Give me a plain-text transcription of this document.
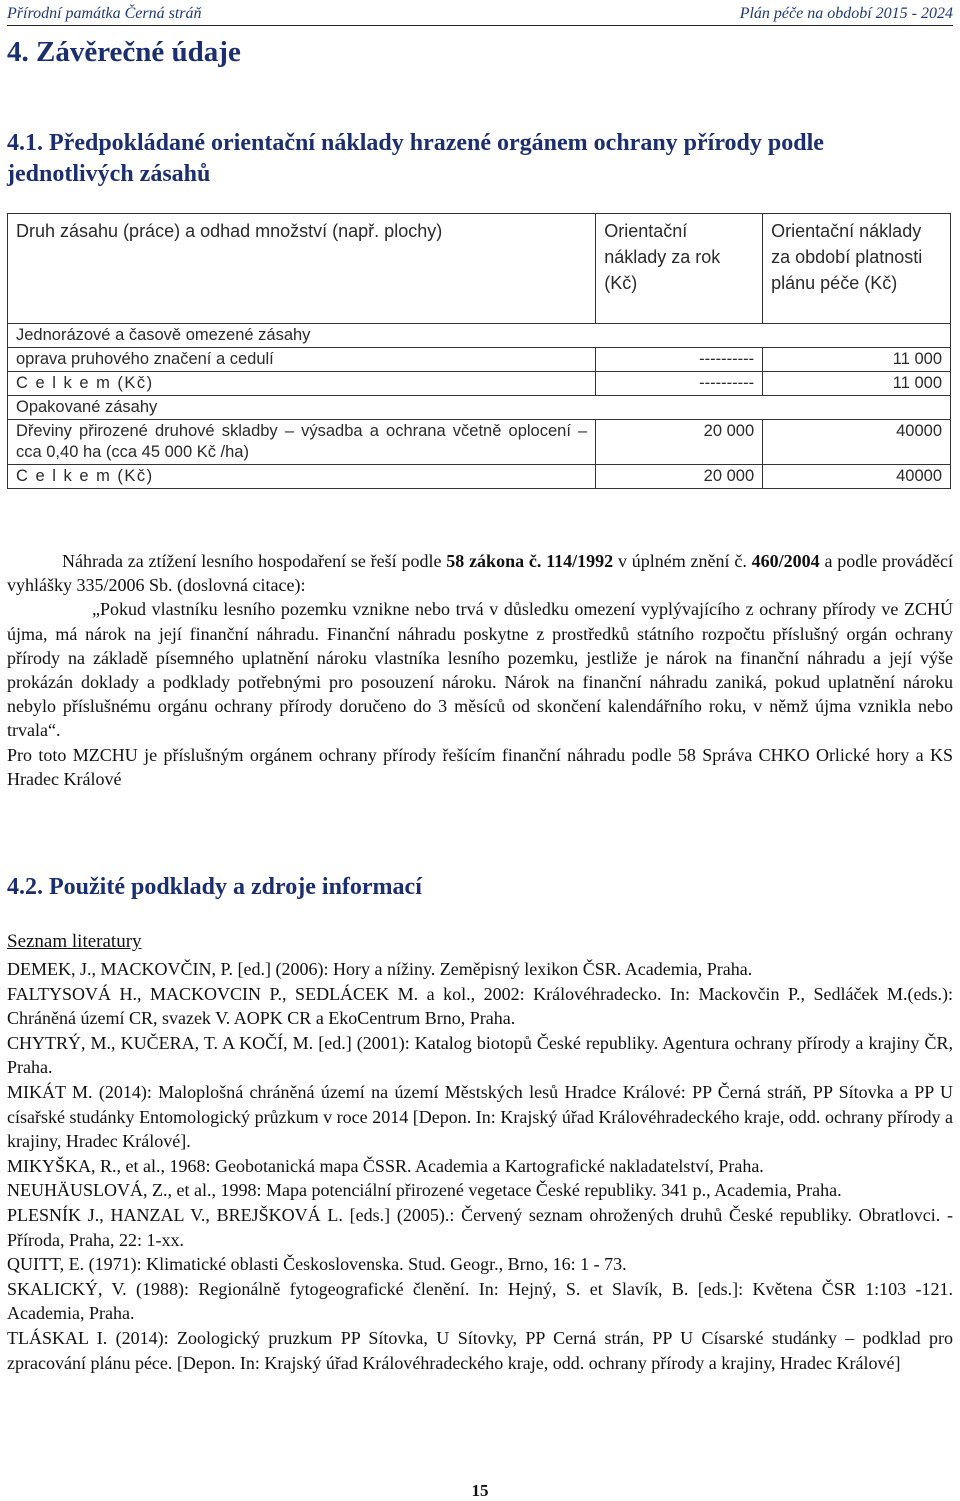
Přírodní památka Černá stráň	Plán péče na období 2015 - 2024
4. Závěrečné údaje
4.1. Předpokládané orientační náklady hrazené orgánem ochrany přírody podle jednotlivých zásahů
Druh zásahu (práce) a odhad množství (např. plochy)	Orientační náklady za rok (Kč)	Orientační náklady za období platnosti plánu péče (Kč)
Jednorázové a časově omezené zásahy		
oprava pruhového značení a cedulí	----------	11 000
C e l k e m (Kč)	----------	11 000
Opakované zásahy		
Dřeviny přirozené druhové skladby – výsadba a ochrana včetně oplocení – cca 0,40 ha (cca 45 000 Kč /ha)	20 000	40000
C e l k e m (Kč)	20 000	40000

Náhrada za ztížení lesního hospodaření se řeší podle 58 zákona č. 114/1992 v úplném znění č. 460/2004 a podle prováděcí vyhlášky 335/2006 Sb. (doslovná citace):

„Pokud vlastníku lesního pozemku vznikne nebo trvá v důsledku omezení vyplývajícího z ochrany přírody ve ZCHÚ újma, má nárok na její finanční náhradu. Finanční náhradu poskytne z prostředků státního rozpočtu příslušný orgán ochrany přírody na základě písemného uplatnění nároku vlastníka lesního pozemku, jestliže je nárok na finanční náhradu a její výše prokázán doklady a podklady potřebnými pro posouzení nároku. Nárok na finanční náhradu zaniká, pokud uplatnění nároku nebylo příslušnému orgánu ochrany přírody doručeno do 3 měsíců od skončení kalendářního roku, v němž újma vznikla nebo trvala“.

Pro toto MZCHU je příslušným orgánem ochrany přírody řešícím finanční náhradu podle 58 Správa CHKO Orlické hory a KS Hradec Králové

4.2. Použité podklady a zdroje informací
Seznam literatury

DEMEK, J., MACKOVČIN, P. [ed.] (2006): Hory a nížiny. Zeměpisný lexikon ČSR. Academia, Praha.

FALTYSOVÁ H., MACKOVCIN P., SEDLÁCEK M. a kol., 2002: Královéhradecko. In: Mackovčin P., Sedláček M.(eds.): Chráněná území CR, svazek V. AOPK CR a EkoCentrum Brno, Praha.

CHYTRÝ, M., KUČERA, T. A KOČÍ, M. [ed.] (2001): Katalog biotopů České republiky. Agentura ochrany přírody a krajiny ČR, Praha.

MIKÁT M. (2014): Maloplošná chráněná území na území Městských lesů Hradce Králové: PP Černá stráň, PP Sítovka a PP U císařské studánky Entomologický průzkum v roce 2014 [Depon. In: Krajský úřad Královéhradeckého kraje, odd. ochrany přírody a krajiny, Hradec Králové].

MIKYŠKA, R., et al., 1968: Geobotanická mapa ČSSR. Academia a Kartografické nakladatelství, Praha.

NEUHÄUSLOVÁ, Z., et al., 1998: Mapa potenciální přirozené vegetace České republiky. 341 p., Academia, Praha.

PLESNÍK J., HANZAL V., BREJŠKOVÁ L. [eds.] (2005).: Červený seznam ohrožených druhů České republiky. Obratlovci. - Příroda, Praha, 22: 1-xx.

QUITT, E. (1971): Klimatické oblasti Československa. Stud. Geogr., Brno, 16: 1 - 73.

SKALICKÝ, V. (1988): Regionálně fytogeografické členění. In: Hejný, S. et Slavík, B. [eds.]: Květena ČSR 1:103 -121. Academia, Praha.

TLÁSKAL I. (2014): Zoologický pruzkum PP Sítovka, U Sítovky, PP Cerná strán, PP U Císarské studánky – podklad pro zpracování plánu péce. [Depon. In: Krajský úřad Královéhradeckého kraje, odd. ochrany přírody a krajiny, Hradec Králové]

15
